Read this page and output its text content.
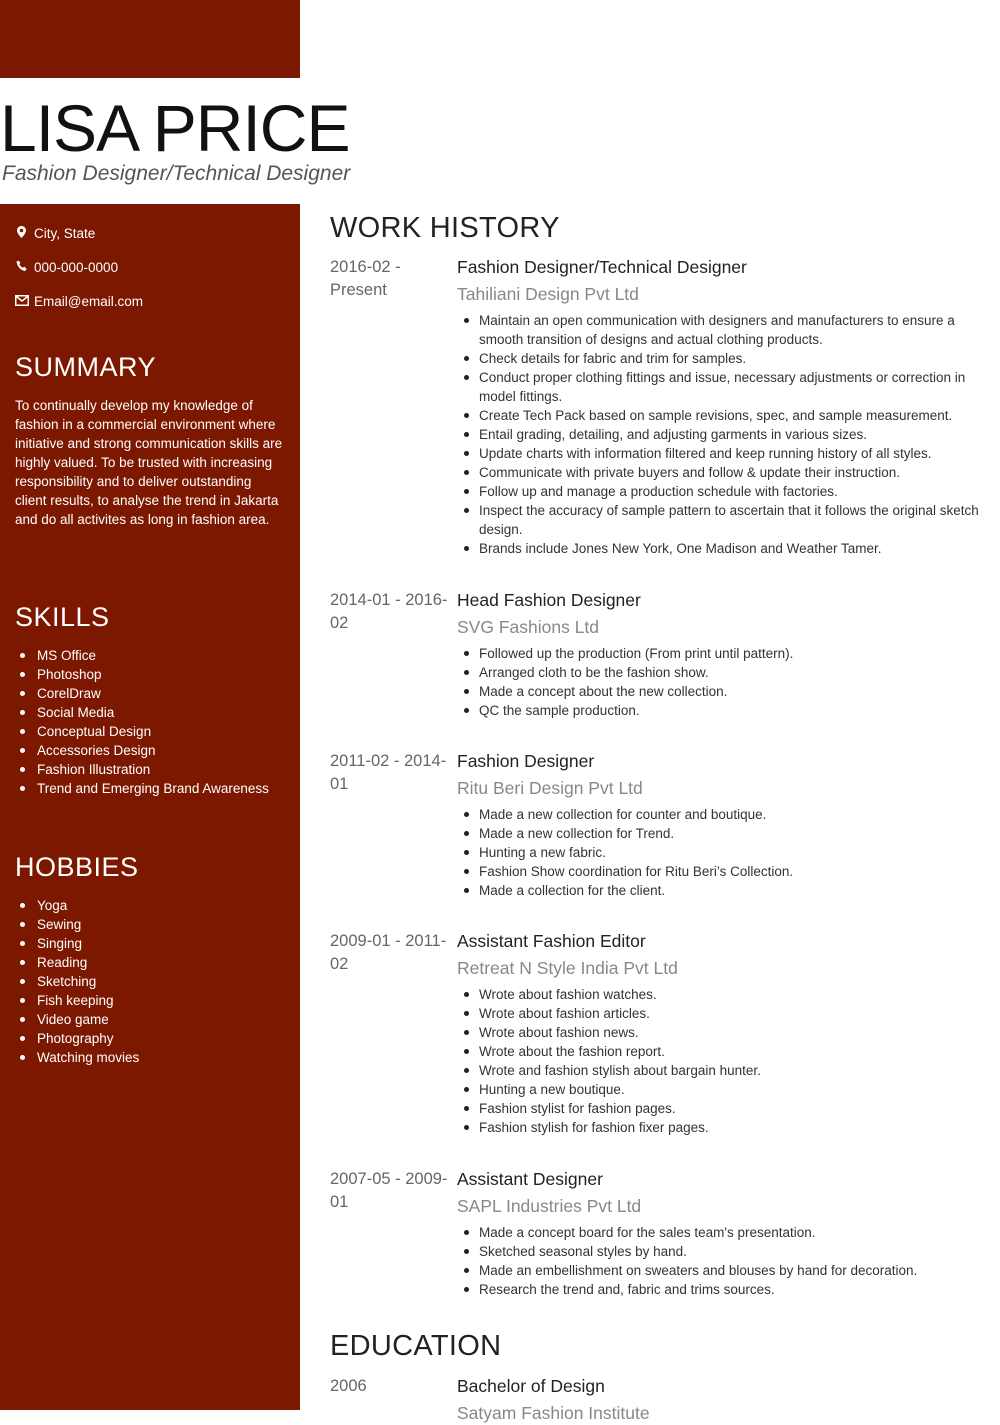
LISA PRICE
Fashion Designer/Technical Designer
City, State
000-000-0000
Email@email.com
SUMMARY
To continually develop my knowledge of fashion in a commercial environment where initiative and strong communication skills are highly valued. To be trusted with increasing responsibility and to deliver outstanding client results, to analyse the trend in Jakarta and do all activites as long in fashion area.
SKILLS
MS Office
Photoshop
CorelDraw
Social Media
Conceptual Design
Accessories Design
Fashion Illustration
Trend and Emerging Brand Awareness
HOBBIES
Yoga
Sewing
Singing
Reading
Sketching
Fish keeping
Video game
Photography
Watching movies
WORK HISTORY
2016-02 - Present
Fashion Designer/Technical Designer
Tahiliani Design Pvt Ltd
Maintain an open communication with designers and manufacturers to ensure a smooth transition of designs and actual clothing products.
Check details for fabric and trim for samples.
Conduct proper clothing fittings and issue, necessary adjustments or correction in model fittings.
Create Tech Pack based on sample revisions, spec, and sample measurement.
Entail grading, detailing, and adjusting garments in various sizes.
Update charts with information filtered and keep running history of all styles.
Communicate with private buyers and follow & update their instruction.
Follow up and manage a production schedule with factories.
Inspect the accuracy of sample pattern to ascertain that it follows the original sketch design.
Brands include Jones New York, One Madison and Weather Tamer.
2014-01 - 2016-02
Head Fashion Designer
SVG Fashions Ltd
Followed up the production (From print until pattern).
Arranged cloth to be the fashion show.
Made a concept about the new collection.
QC the sample production.
2011-02 - 2014-01
Fashion Designer
Ritu Beri Design Pvt Ltd
Made a new collection for counter and boutique.
Made a new collection for Trend.
Hunting a new fabric.
Fashion Show coordination for Ritu Beri’s Collection.
Made a collection for the client.
2009-01 - 2011-02
Assistant Fashion Editor
Retreat N Style India Pvt Ltd
Wrote about fashion watches.
Wrote about fashion articles.
Wrote about fashion news.
Wrote about the fashion report.
Wrote and fashion stylish about bargain hunter.
Hunting a new boutique.
Fashion stylist for fashion pages.
Fashion stylish for fashion fixer pages.
2007-05 - 2009-01
Assistant Designer
SAPL Industries Pvt Ltd
Made a concept board for the sales team's presentation.
Sketched seasonal styles by hand.
Made an embellishment on sweaters and blouses by hand for decoration.
Research the trend and, fabric and trims sources.
EDUCATION
2006	Bachelor of Design
Satyam Fashion Institute
